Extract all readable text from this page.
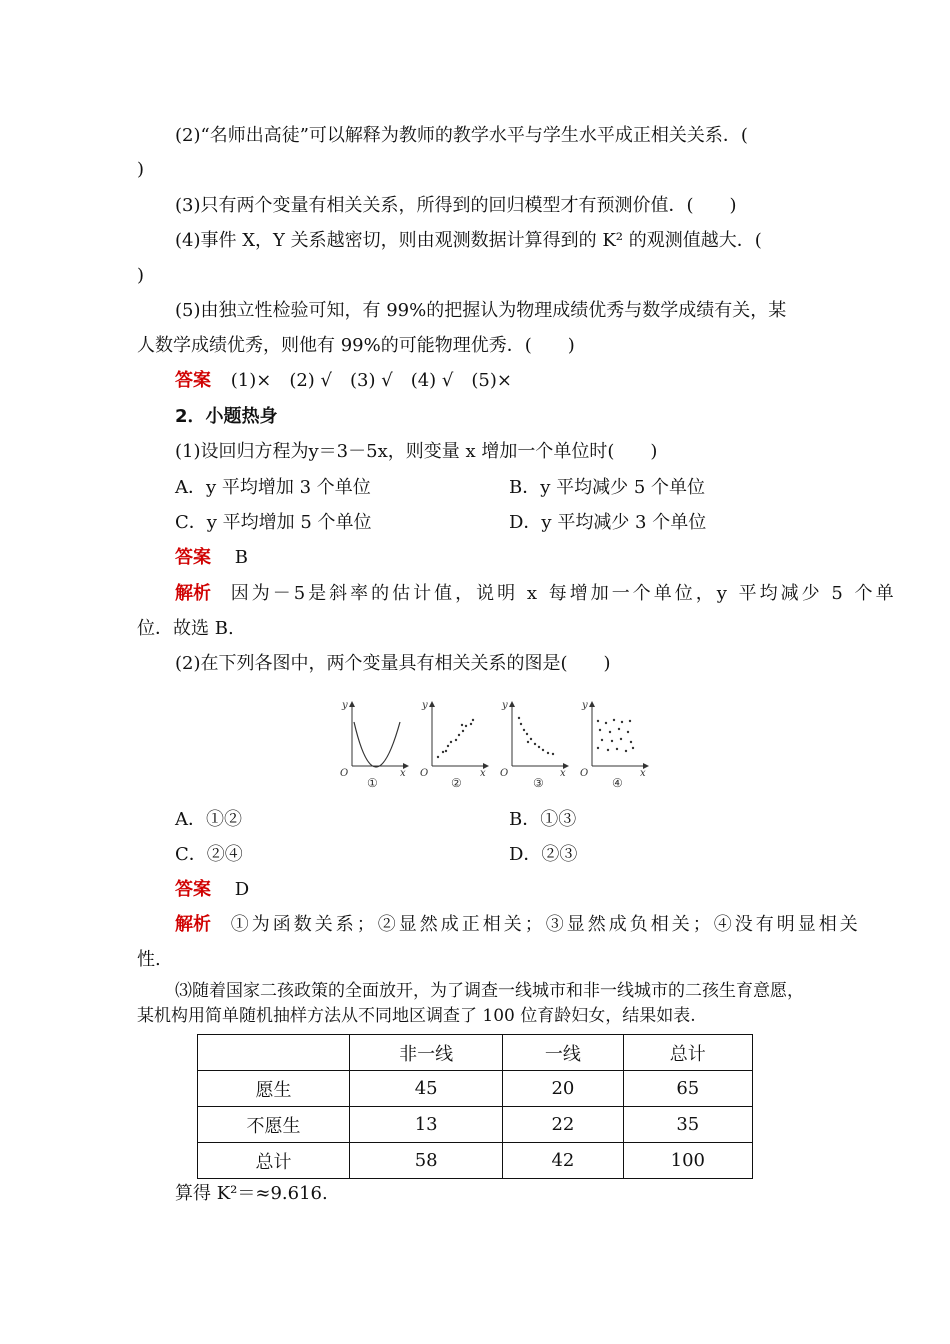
(2)“名师出高徒”可以解释为教师的教学水平与学生水平成正相关关系．(
)
(3)只有两个变量有相关关系，所得到的回归模型才有预测价值．(　　)
(4)事件 X，Y 关系越密切，则由观测数据计算得到的 K² 的观测值越大．(
)
(5)由独立性检验可知，有 99%的把握认为物理成绩优秀与数学成绩有关，某
人数学成绩优秀，则他有 99%的可能物理优秀．(　　)
答案 (1)×　(2) √　(3) √　(4) √　(5)×
2．小题热身
(1)设回归方程为y＝3－5x，则变量 x 增加一个单位时(　　)
A．y 平均增加 3 个单位	B．y 平均减少 5 个单位
C．y 平均增加 5 个单位	D．y 平均减少 3 个单位
答案 B
解析 因为－5是斜率的估计值，说明 x 每增加一个单位，y 平均减少 5 个单
位．故选 B.
(2)在下列各图中，两个变量具有相关关系的图是(　　)
y
O	x
①
y
O	x
②
y
O	x
③
y
O	x
④
A．①②	B．①③
C．②④	D．②③
答案 D
解析 ①为函数关系；②显然成正相关；③显然成负相关；④没有明显相关
性.
⑶随着国家二孩政策的全面放开，为了调查一线城市和非一线城市的二孩生育意愿，
某机构用简单随机抽样方法从不同地区调查了 100 位育龄妇女，结果如表.
	非一线	一线	总计
愿生	45	20	65
不愿生	13	22	35
总计	58	42	100
算得 K²＝≈9.616.
